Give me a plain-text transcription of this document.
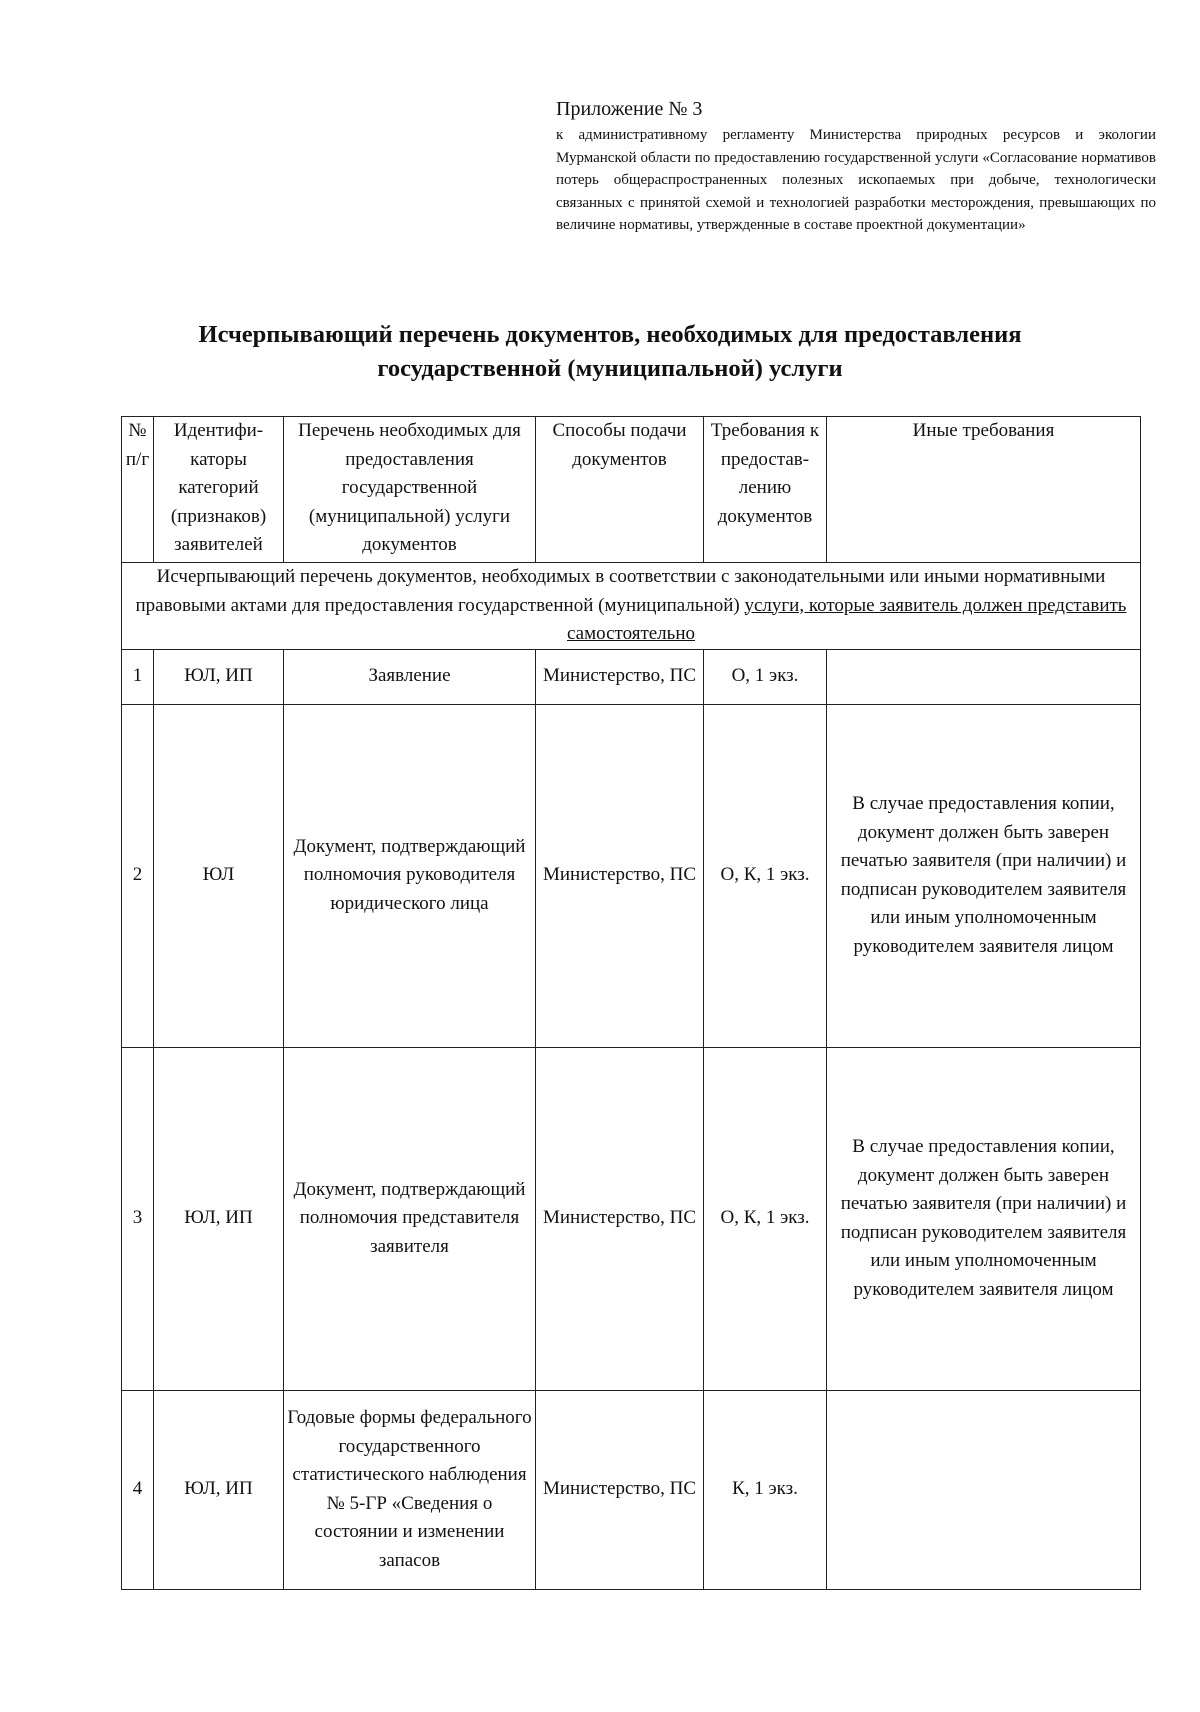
Приложение № 3
к административному регламенту Министерства природных ресурсов и экологии Мурманской области по предоставлению государственной услуги «Согласование нормативов потерь общераспространенных полезных ископаемых при добыче, технологически связанных с принятой схемой и технологией разработки месторождения, превышающих по величине нормативы, утвержденные в составе проектной документации»
Исчерпывающий перечень документов, необходимых для предоставления
государственной (муниципальной) услуги
№ п/г	Идентифи-каторы категорий (признаков) заявителей	Перечень необходимых для предоставления государственной (муниципальной) услуги документов	Способы подачи документов	Требования к предостав-лению документов	Иные требования
Исчерпывающий перечень документов, необходимых в соответствии с законодательными или иными нормативными правовыми актами для предоставления государственной (муниципальной) услуги, которые заявитель должен представить самостоятельно					
1	ЮЛ, ИП	Заявление	Министерство, ПС	О, 1 экз.	
2	ЮЛ	Документ, подтверждающий полномочия руководителя юридического лица	Министерство, ПС	О, К, 1 экз.	В случае предоставления копии, документ должен быть заверен печатью заявителя (при наличии) и подписан руководителем заявителя или иным уполномоченным руководителем заявителя лицом
3	ЮЛ, ИП	Документ, подтверждающий полномочия представителя заявителя	Министерство, ПС	О, К, 1 экз.	В случае предоставления копии, документ должен быть заверен печатью заявителя (при наличии) и подписан руководителем заявителя или иным уполномоченным руководителем заявителя лицом
4	ЮЛ, ИП	Годовые формы федерального государственного статистического наблюдения № 5-ГР «Сведения о состоянии и изменении запасов	Министерство, ПС	К, 1 экз.	
